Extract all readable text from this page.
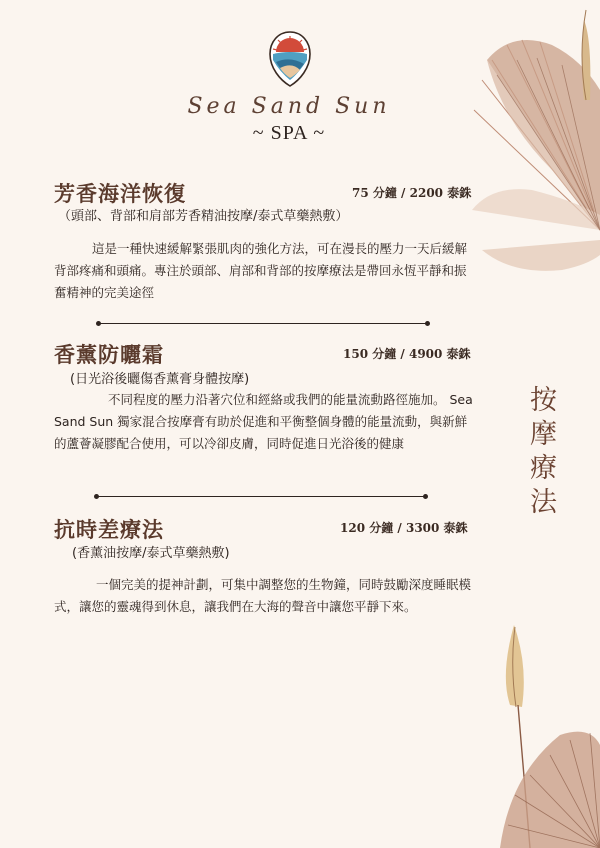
Sea Sand Sun
~ SPA ~
按
摩
療
法
芳香海洋恢復	75 分鐘 / 2200 泰銖
（頭部、背部和肩部芳香精油按摩/泰式草藥熱敷）

這是一種快速緩解緊張肌肉的強化方法，可在漫長的壓力一天后緩解背部疼痛和頭痛。專注於頭部、肩部和背部的按摩療法是帶回永恆平靜和振奮精神的完美途徑

香薰防曬霜	150 分鐘 / 4900 泰銖
(日光浴後曬傷香薰膏身體按摩)

不同程度的壓力沿著穴位和經絡或我們的能量流動路徑施加。 Sea Sand Sun 獨家混合按摩膏有助於促進和平衡整個身體的能量流動，與新鮮的蘆薈凝膠配合使用，可以冷卻皮膚，同時促進日光浴後的健康

抗時差療法	120 分鐘 / 3300 泰銖
(香薰油按摩/泰式草藥熱敷)

一個完美的提神計劃，可集中調整您的生物鐘，同時鼓勵深度睡眠模式，讓您的靈魂得到休息，讓我們在大海的聲音中讓您平靜下來。
